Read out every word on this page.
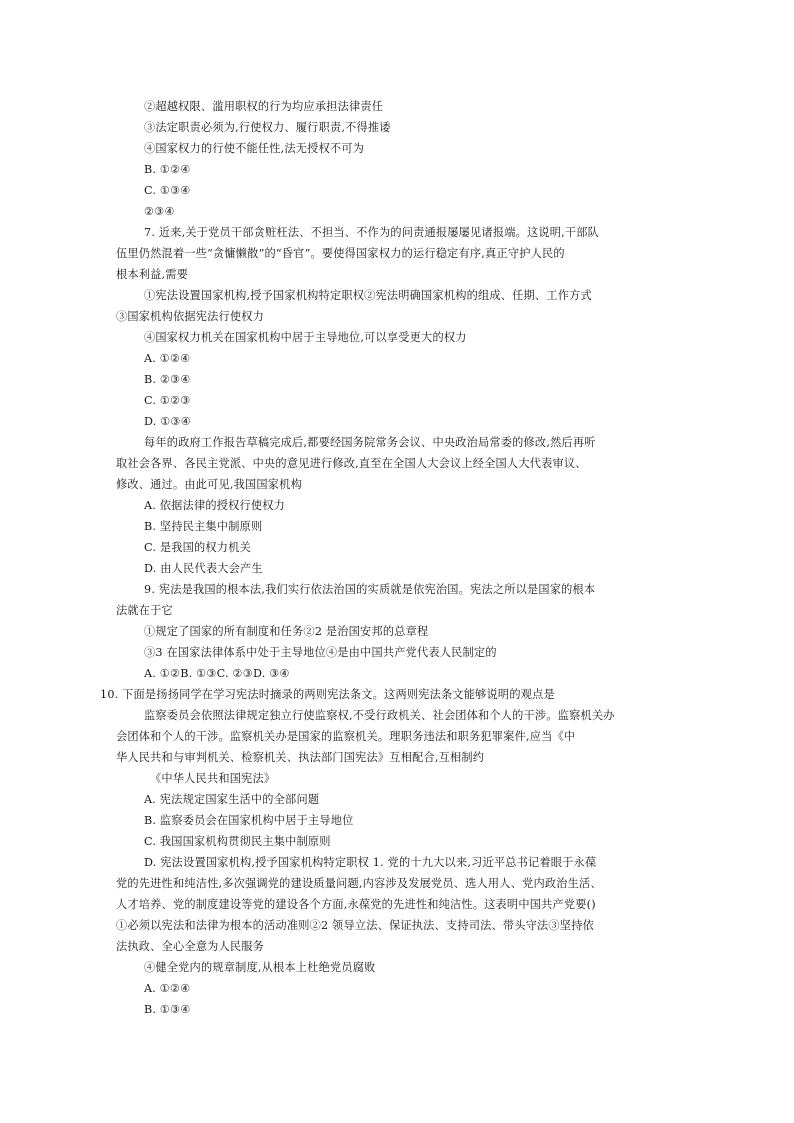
②超越权限、滥用职权的行为均应承担法律责任
③法定职责必须为,行使权力、履行职责,不得推诿
④国家权力的行使不能任性,法无授权不可为
B. ①②④
C. ①③④
②③④
7. 近来,关于党员干部贪赃枉法、不担当、不作为的问责通报屡屡见诸报端。这说明,干部队
伍里仍然混着一些“贪慵懒散”的“昏官”。要使得国家权力的运行稳定有序,真正守护人民的
根本利益,需要
①宪法设置国家机构,授予国家机构特定职权②宪法明确国家机构的组成、任期、工作方式
③国家机构依据宪法行使权力
④国家权力机关在国家机构中居于主导地位,可以享受更大的权力
A. ①②④
B. ②③④
C. ①②③
D. ①③④
每年的政府工作报告草稿完成后,都要经国务院常务会议、中央政治局常委的修改,然后再听
取社会各界、各民主党派、中央的意见进行修改,直至在全国人大会议上经全国人大代表审议、
修改、通过。由此可见,我国国家机构
A. 依据法律的授权行使权力
B. 坚持民主集中制原则
C. 是我国的权力机关
D. 由人民代表大会产生
9. 宪法是我国的根本法,我们实行依法治国的实质就是依宪治国。宪法之所以是国家的根本
法就在于它
①规定了国家的所有制度和任务②2 是治国安邦的总章程
③3 在国家法律体系中处于主导地位④是由中国共产党代表人民制定的
A. ①②B. ①③C. ②③D. ③④
10. 下面是扬扬同学在学习宪法时摘录的两则宪法条文。这两则宪法条文能够说明的观点是
监察委员会依照法律规定独立行使监察权,不受行政机关、社会团体和个人的干涉。监察机关办
会团体和个人的干涉。监察机关办是国家的监察机关。理职务违法和职务犯罪案件,应当《中
华人民共和与审判机关、检察机关、执法部门国宪法》互相配合,互相制约
《中华人民共和国宪法》
A. 宪法规定国家生活中的全部问题
B. 监察委员会在国家机构中居于主导地位
C. 我国国家机构贯彻民主集中制原则
D. 宪法设置国家机构,授予国家机构特定职权 1. 党的十九大以来,习近平总书记着眼于永葆
党的先进性和纯洁性,多次强调党的建设质量问题,内容涉及发展党员、选人用人、党内政治生活、
人才培养、党的制度建设等党的建设各个方面,永葆党的先进性和纯洁性。这表明中国共产党要()
①必须以宪法和法律为根本的活动准则②2 领导立法、保证执法、支持司法、带头守法③坚持依
法执政、全心全意为人民服务
④健全党内的规章制度,从根本上杜绝党员腐败
A. ①②④
B. ①③④
